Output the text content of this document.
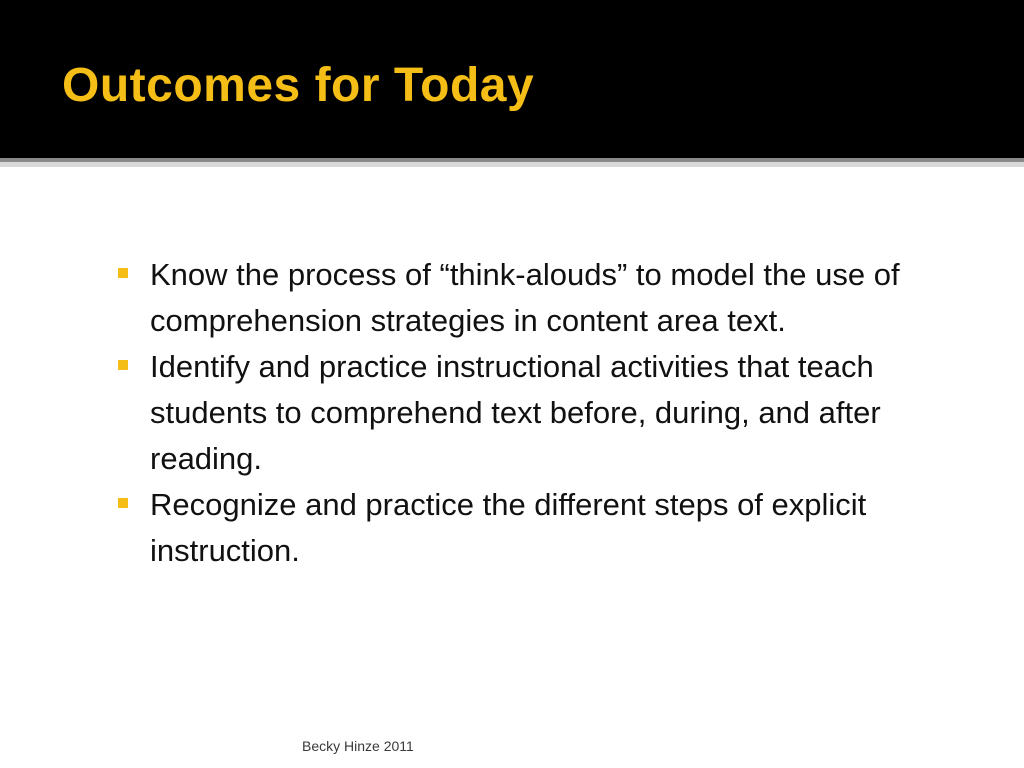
Outcomes for Today
Know the process of “think-alouds” to model the use of comprehension strategies in content area text.
Identify and practice instructional activities that teach students to comprehend text before, during, and after reading.
Recognize and practice the different steps of explicit instruction.
Becky Hinze 2011
